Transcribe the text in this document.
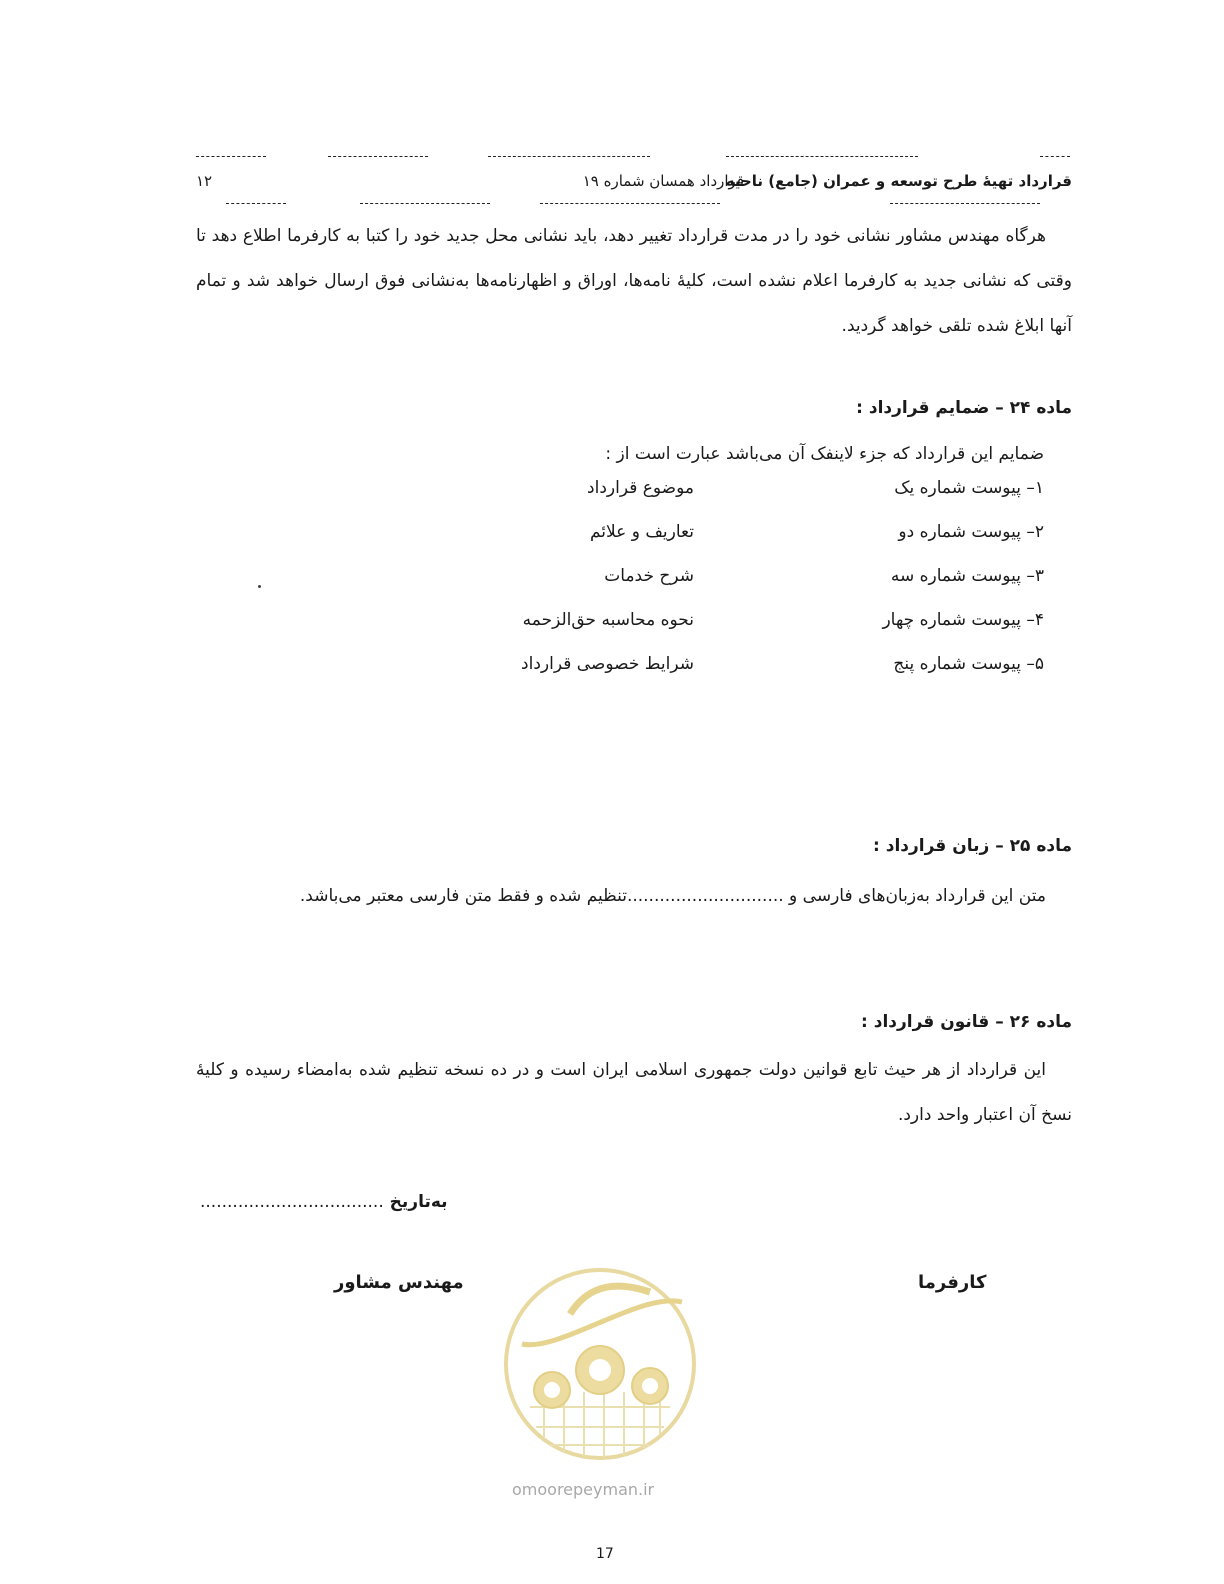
قرارداد تهیهٔ طرح توسعه و عمران (جامع) ناحیه
قرارداد همسان شماره ۱۹
۱۲
هرگاه مهندس مشاور نشانی خود را در مدت قرارداد تغییر دهد، باید نشانی محل جدید خود را کتبا به کارفرما اطلاع دهد تا وقتی که نشانی جدید به کارفرما اعلام نشده است، کلیهٔ نامه‌ها، اوراق و اظهارنامه‌ها به‌نشانی فوق ارسال خواهد شد و تمام آنها ابلاغ شده تلقی خواهد گردید.
ماده ۲۴ – ضمایم قرارداد :
ضمایم این قرارداد که جزء لاینفک آن می‌باشد عبارت است از :
۱– پیوست شماره یک
موضوع قرارداد
۲– پیوست شماره دو
تعاریف و علائم
۳– پیوست شماره سه
شرح خدمات
۴– پیوست شماره چهار
نحوه محاسبه حق‌الزحمه
۵– پیوست شماره پنج
شرایط خصوصی قرارداد
ماده ۲۵ – زبان قرارداد :
متن این قرارداد به‌زبان‌های فارسی و .............................تنظیم شده و فقط متن فارسی معتبر می‌باشد.
ماده ۲۶ – قانون قرارداد :
این قرارداد از هر حیث تابع قوانین دولت جمهوری اسلامی ایران است و در ده نسخه تنظیم شده به‌امضاء رسیده و کلیهٔ نسخ آن اعتبار واحد دارد.
به‌تاریخ ..................................
کارفرما
مهندس مشاور
omoorepeyman.ir
17
